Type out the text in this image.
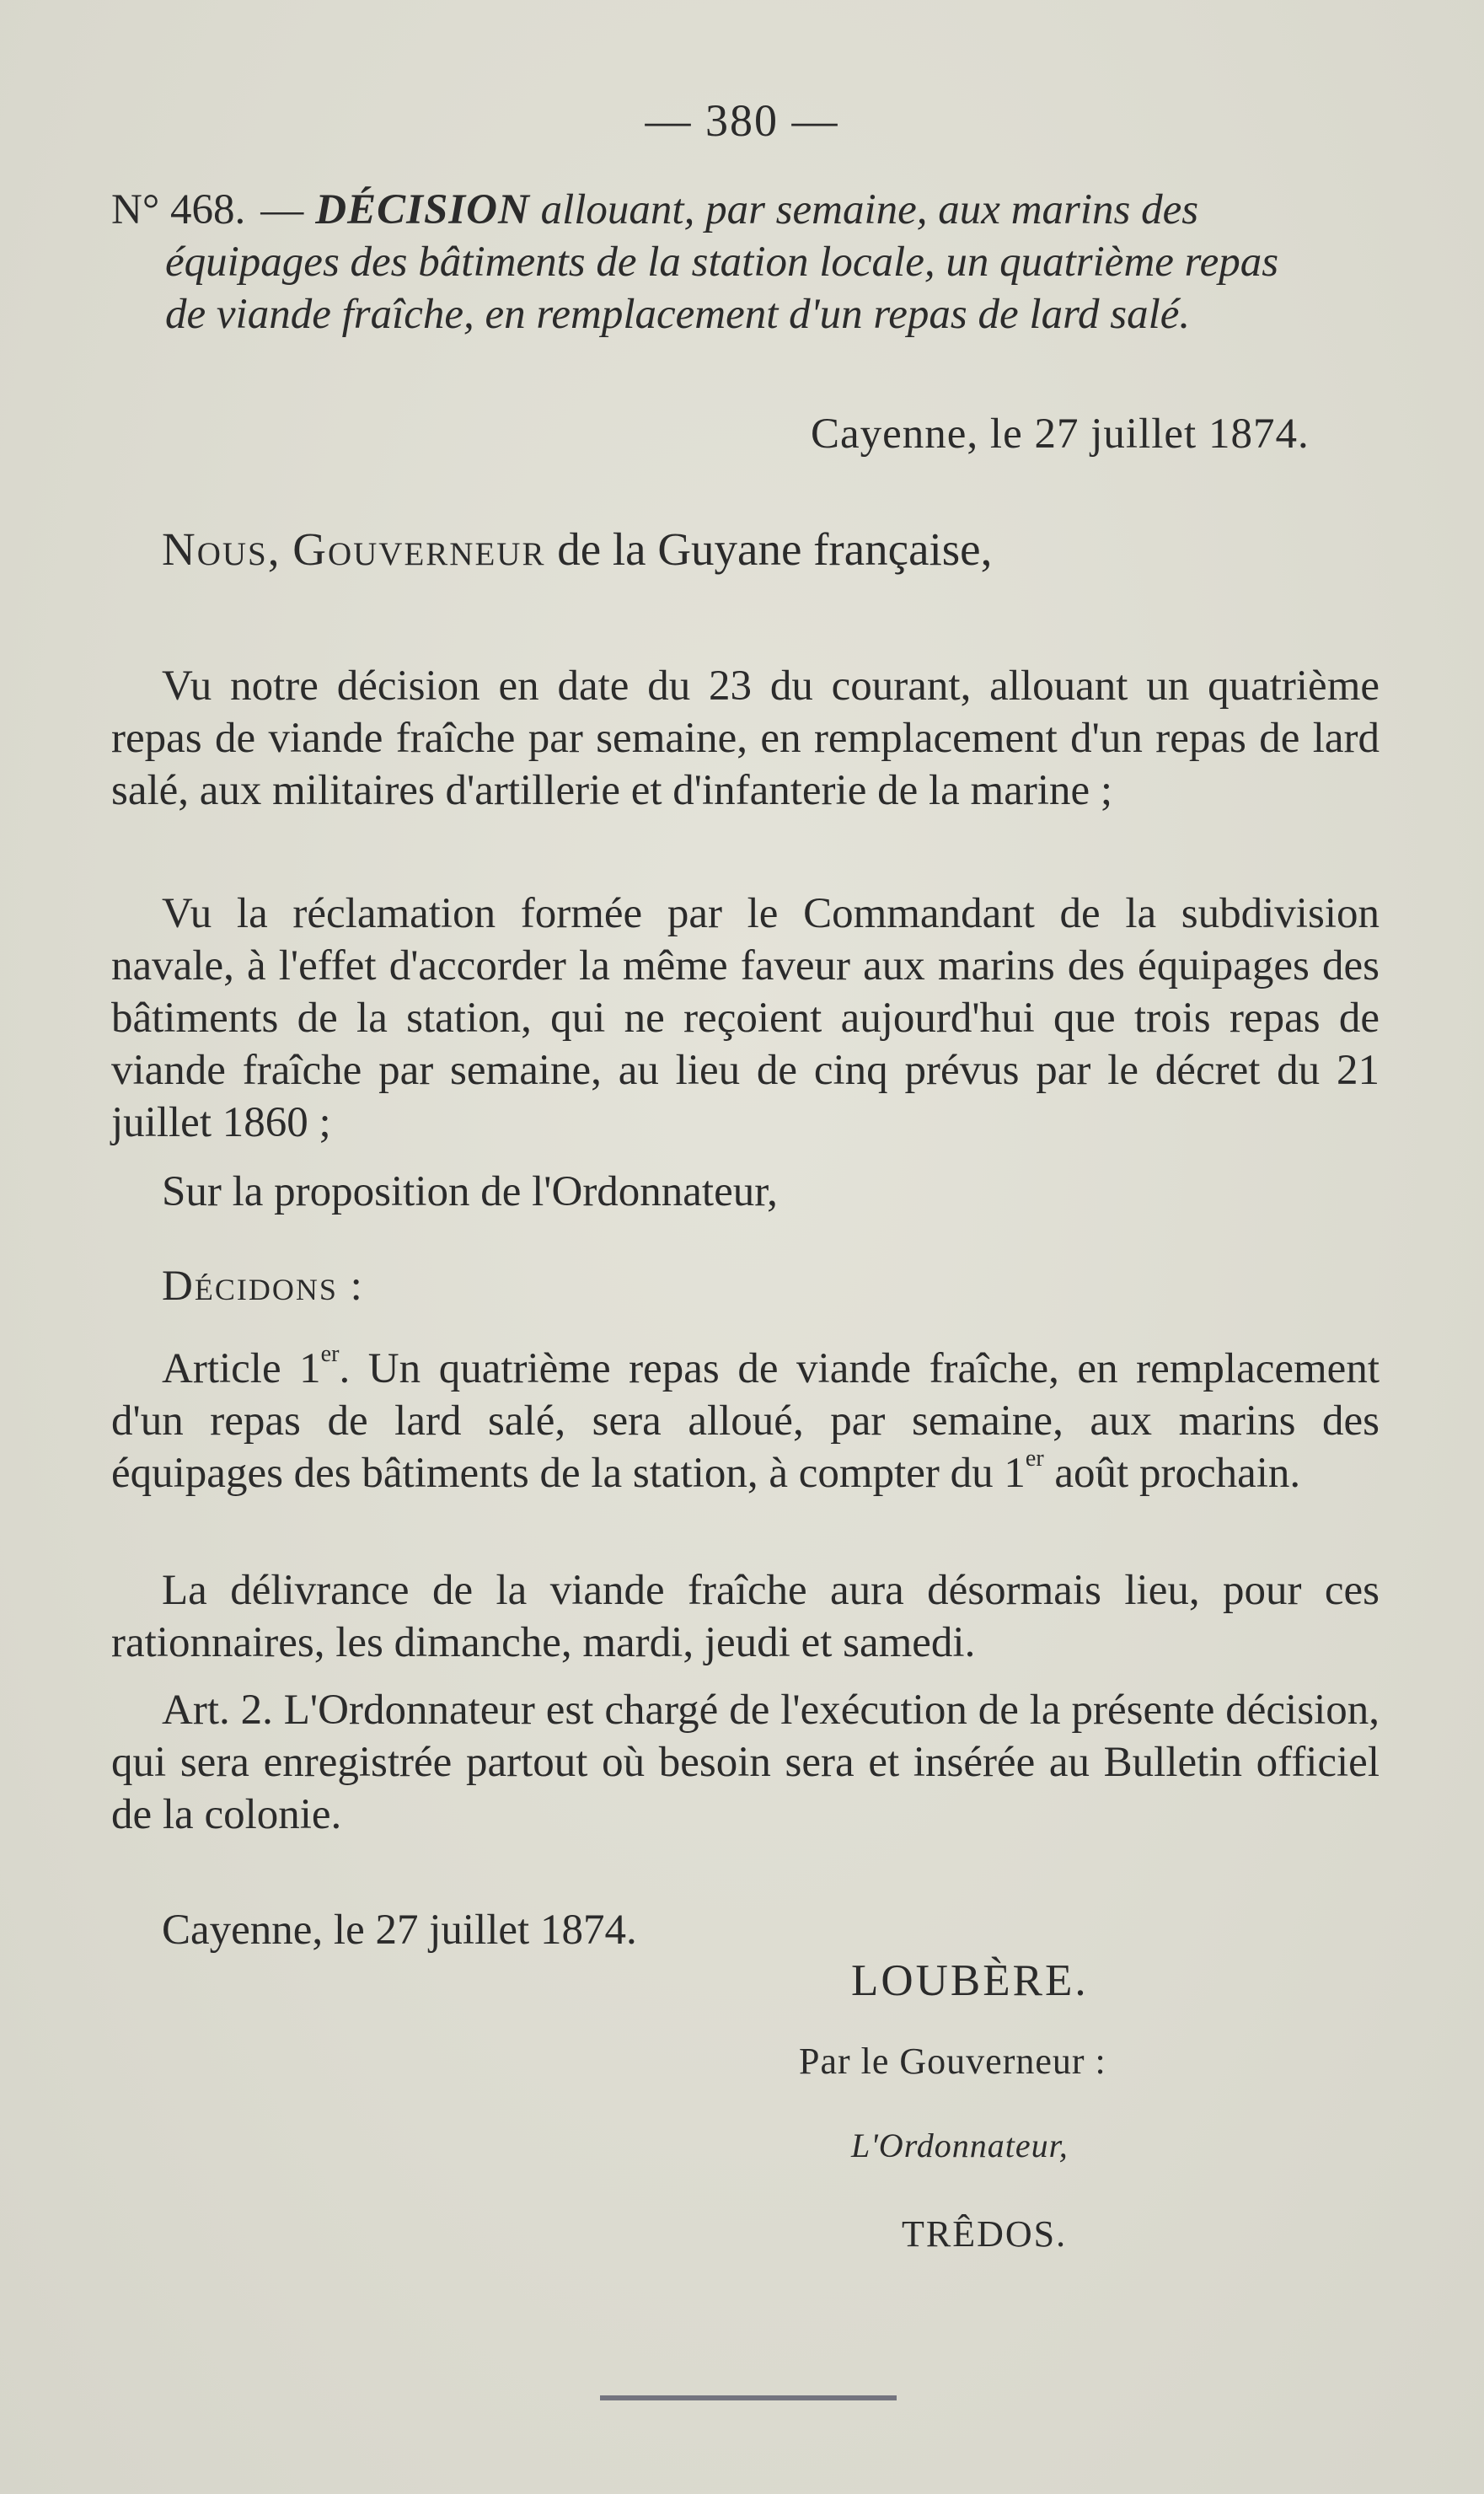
— 380 —
N° 468. — DÉCISION allouant, par semaine, aux marins des
équipages des bâtiments de la station locale, un quatrième repas
de viande fraîche, en remplacement d'un repas de lard salé.
Cayenne, le 27 juillet 1874.
Nous, Gouverneur de la Guyane française,

Vu notre décision en date du 23 du courant, allouant un quatrième repas de viande fraîche par semaine, en remplacement d'un repas de lard salé, aux militaires d'artillerie et d'infanterie de la marine ;

Vu la réclamation formée par le Commandant de la subdivision navale, à l'effet d'accorder la même faveur aux marins des équipages des bâtiments de la station, qui ne reçoient aujourd'hui que trois repas de viande fraîche par semaine, au lieu de cinq prévus par le décret du 21 juillet 1860 ;

Sur la proposition de l'Ordonnateur,

Décidons :

Article 1er. Un quatrième repas de viande fraîche, en remplacement d'un repas de lard salé, sera alloué, par semaine, aux marins des équipages des bâtiments de la station, à compter du 1er août prochain.

La délivrance de la viande fraîche aura désormais lieu, pour ces rationnaires, les dimanche, mardi, jeudi et samedi.

Art. 2. L'Ordonnateur est chargé de l'exécution de la présente décision, qui sera enregistrée partout où besoin sera et insérée au Bulletin officiel de la colonie.

Cayenne, le 27 juillet 1874.

LOUBÈRE.
Par le Gouverneur :
L'Ordonnateur,
TRÊDOS.
